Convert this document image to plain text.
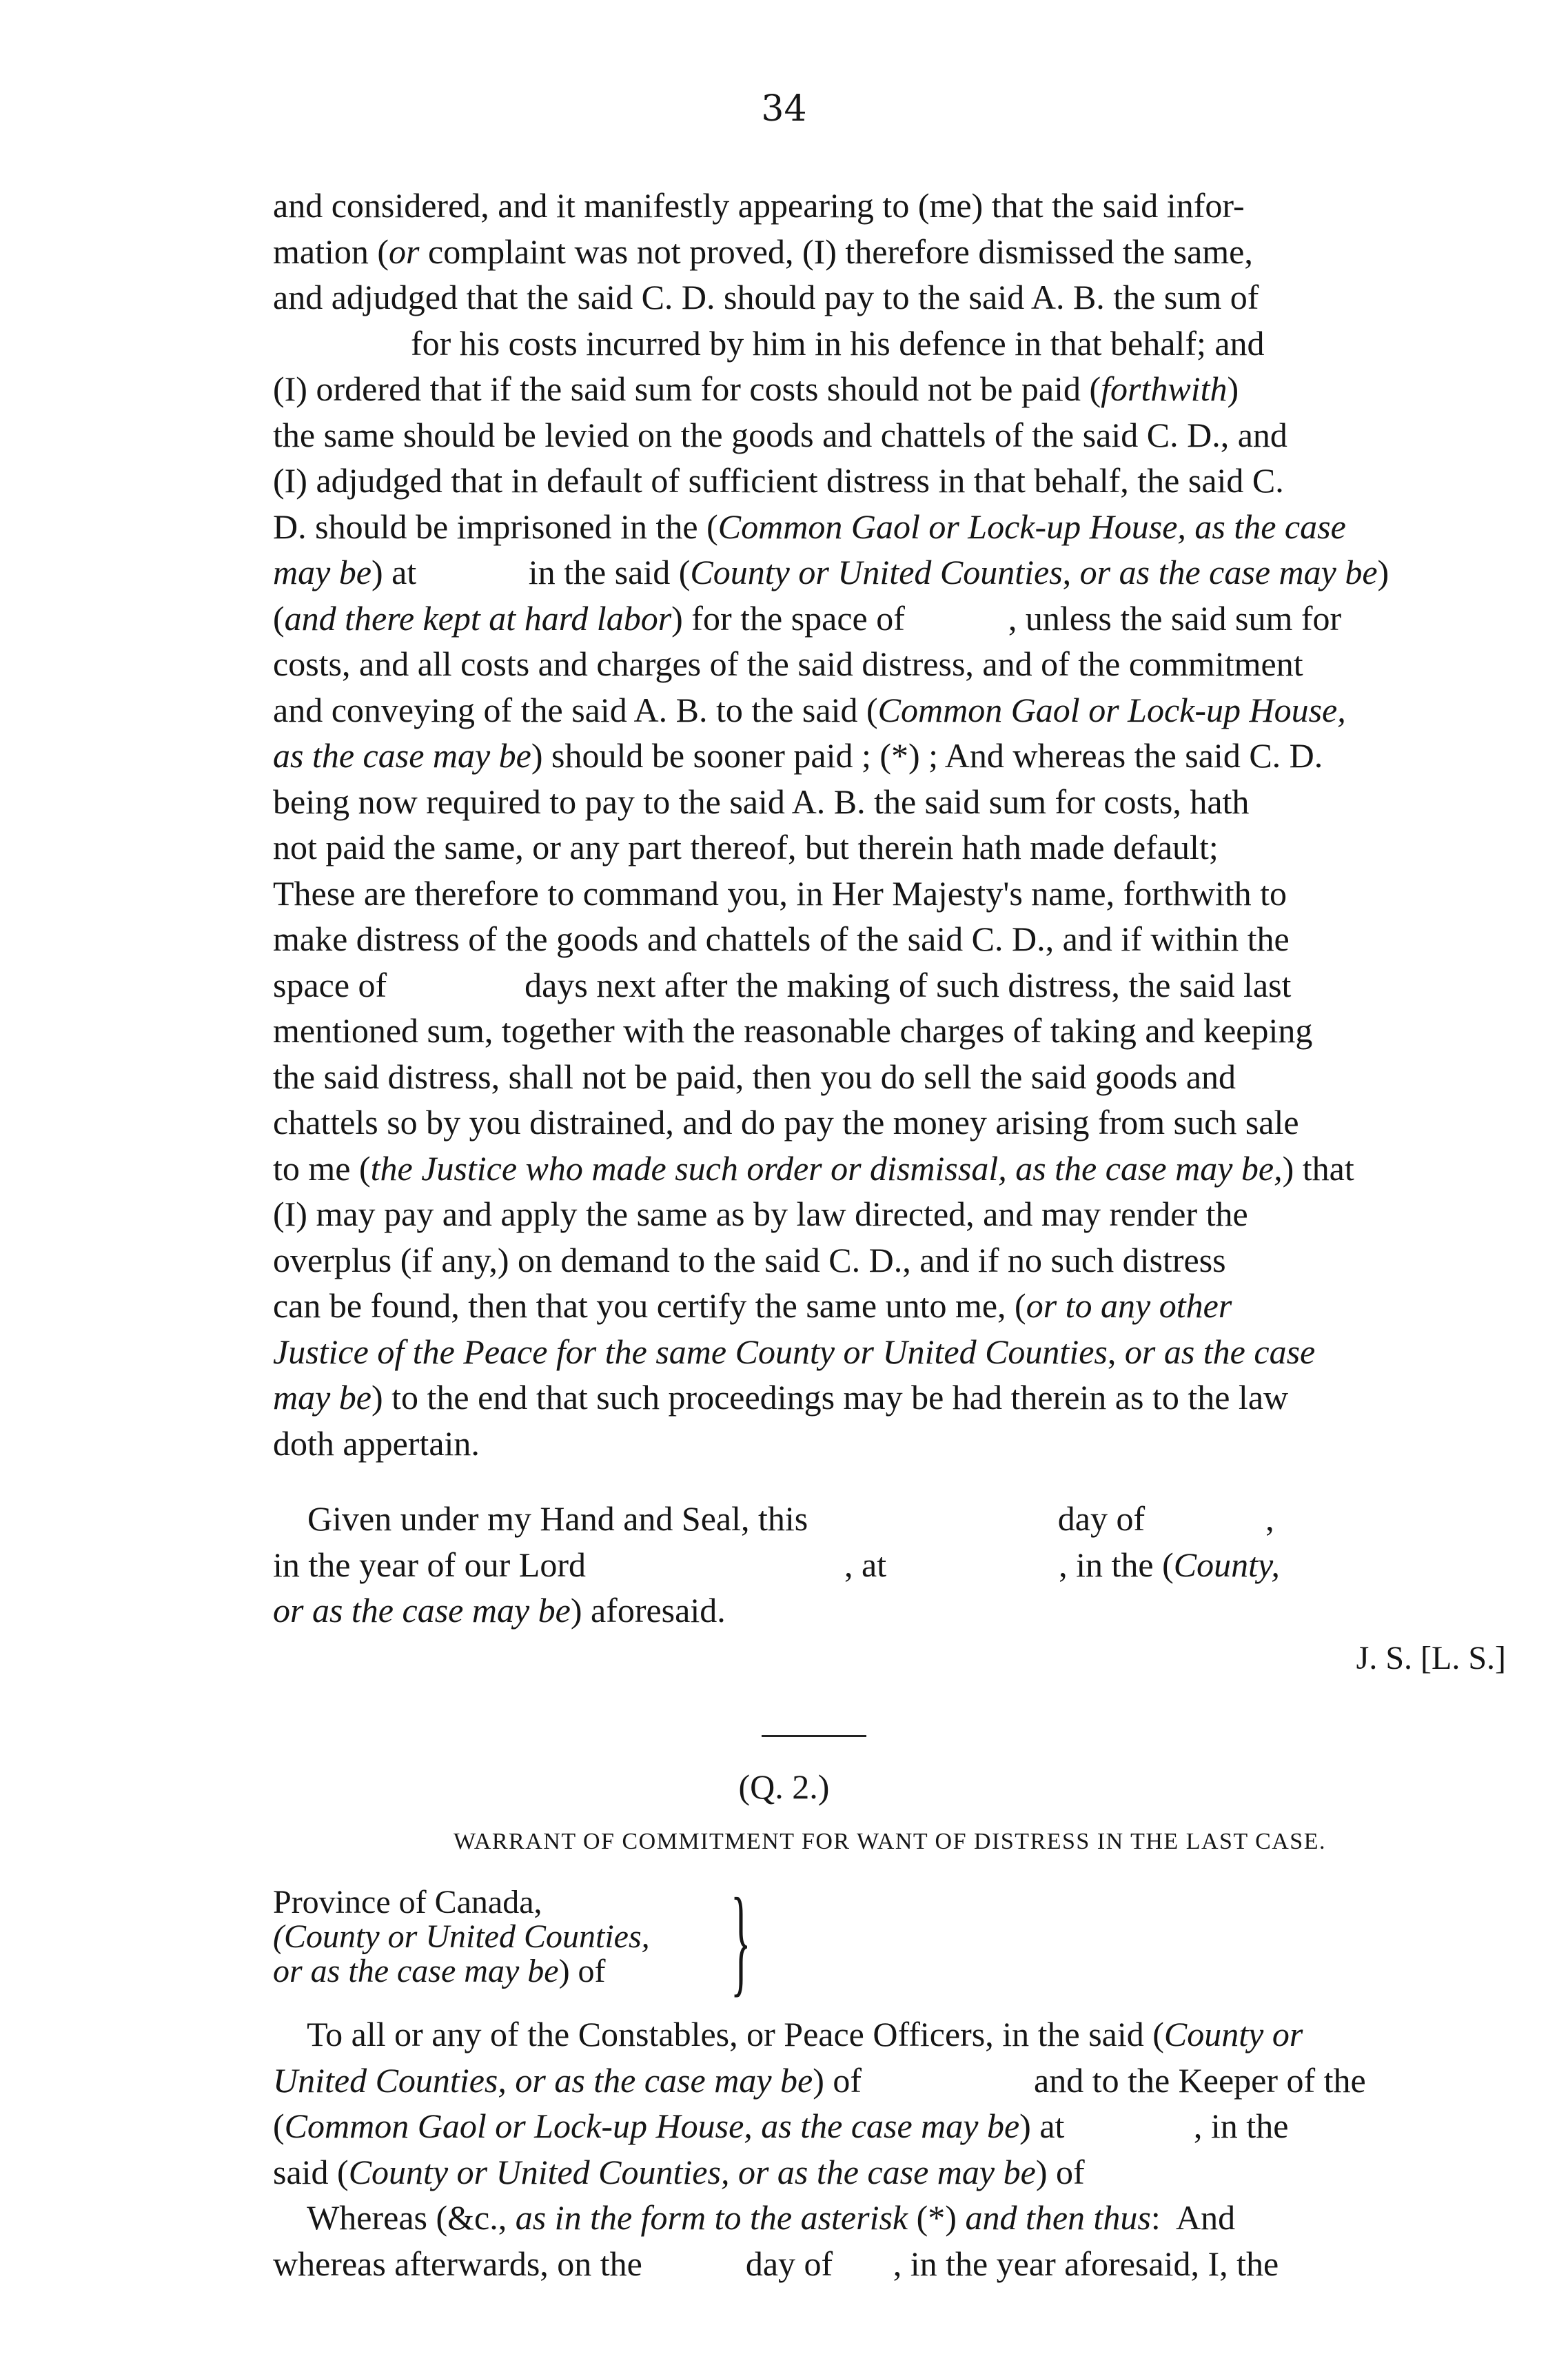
34
and considered, and it manifestly appearing to (me) that the said infor-
mation (or complaint was not proved, (I) therefore dismissed the same,
and adjudged that the said C. D. should pay to the said A. B. the sum of
for his costs incurred by him in his defence in that behalf; and
(I) ordered that if the said sum for costs should not be paid (forthwith)
the same should be levied on the goods and chattels of the said C. D., and
(I) adjudged that in default of sufficient distress in that behalf, the said C.
D. should be imprisoned in the (Common Gaol or Lock-up House, as the case
may be) at             in the said (County or United Counties, or as the case may be)
(and there kept at hard labor) for the space of            , unless the said sum for
costs, and all costs and charges of the said distress, and of the commitment
and conveying of the said A. B. to the said (Common Gaol or Lock-up House,
as the case may be) should be sooner paid ; (*) ; And whereas the said C. D.
being now required to pay to the said A. B. the said sum for costs, hath
not paid the same, or any part thereof, but therein hath made default;
These are therefore to command you, in Her Majesty's name, forthwith to
make distress of the goods and chattels of the said C. D., and if within the
space of                days next after the making of such distress, the said last
mentioned sum, together with the reasonable charges of taking and keeping
the said distress, shall not be paid, then you do sell the said goods and
chattels so by you distrained, and do pay the money arising from such sale
to me (the Justice who made such order or dismissal, as the case may be,) that
(I) may pay and apply the same as by law directed, and may render the
overplus (if any,) on demand to the said C. D., and if no such distress
can be found, then that you certify the same unto me, (or to any other
Justice of the Peace for the same County or United Counties, or as the case
may be) to the end that such proceedings may be had therein as to the law
doth appertain.
Given under my Hand and Seal, this                             day of              ,
in the year of our Lord                              , at                    , in the (County,
or as the case may be) aforesaid.
J. S. [L. S.]
(Q. 2.)
WARRANT OF COMMITMENT FOR WANT OF DISTRESS IN THE LAST CASE.
Province of Canada,
(County or United Counties,
or as the case may be) of	}
To all or any of the Constables, or Peace Officers, in the said (County or
United Counties, or as the case may be) of                    and to the Keeper of the
(Common Gaol or Lock-up House, as the case may be) at               , in the
said (County or United Counties, or as the case may be) of
Whereas (&c., as in the form to the asterisk (*) and then thus:  And
whereas afterwards, on the            day of       , in the year aforesaid, I, the
